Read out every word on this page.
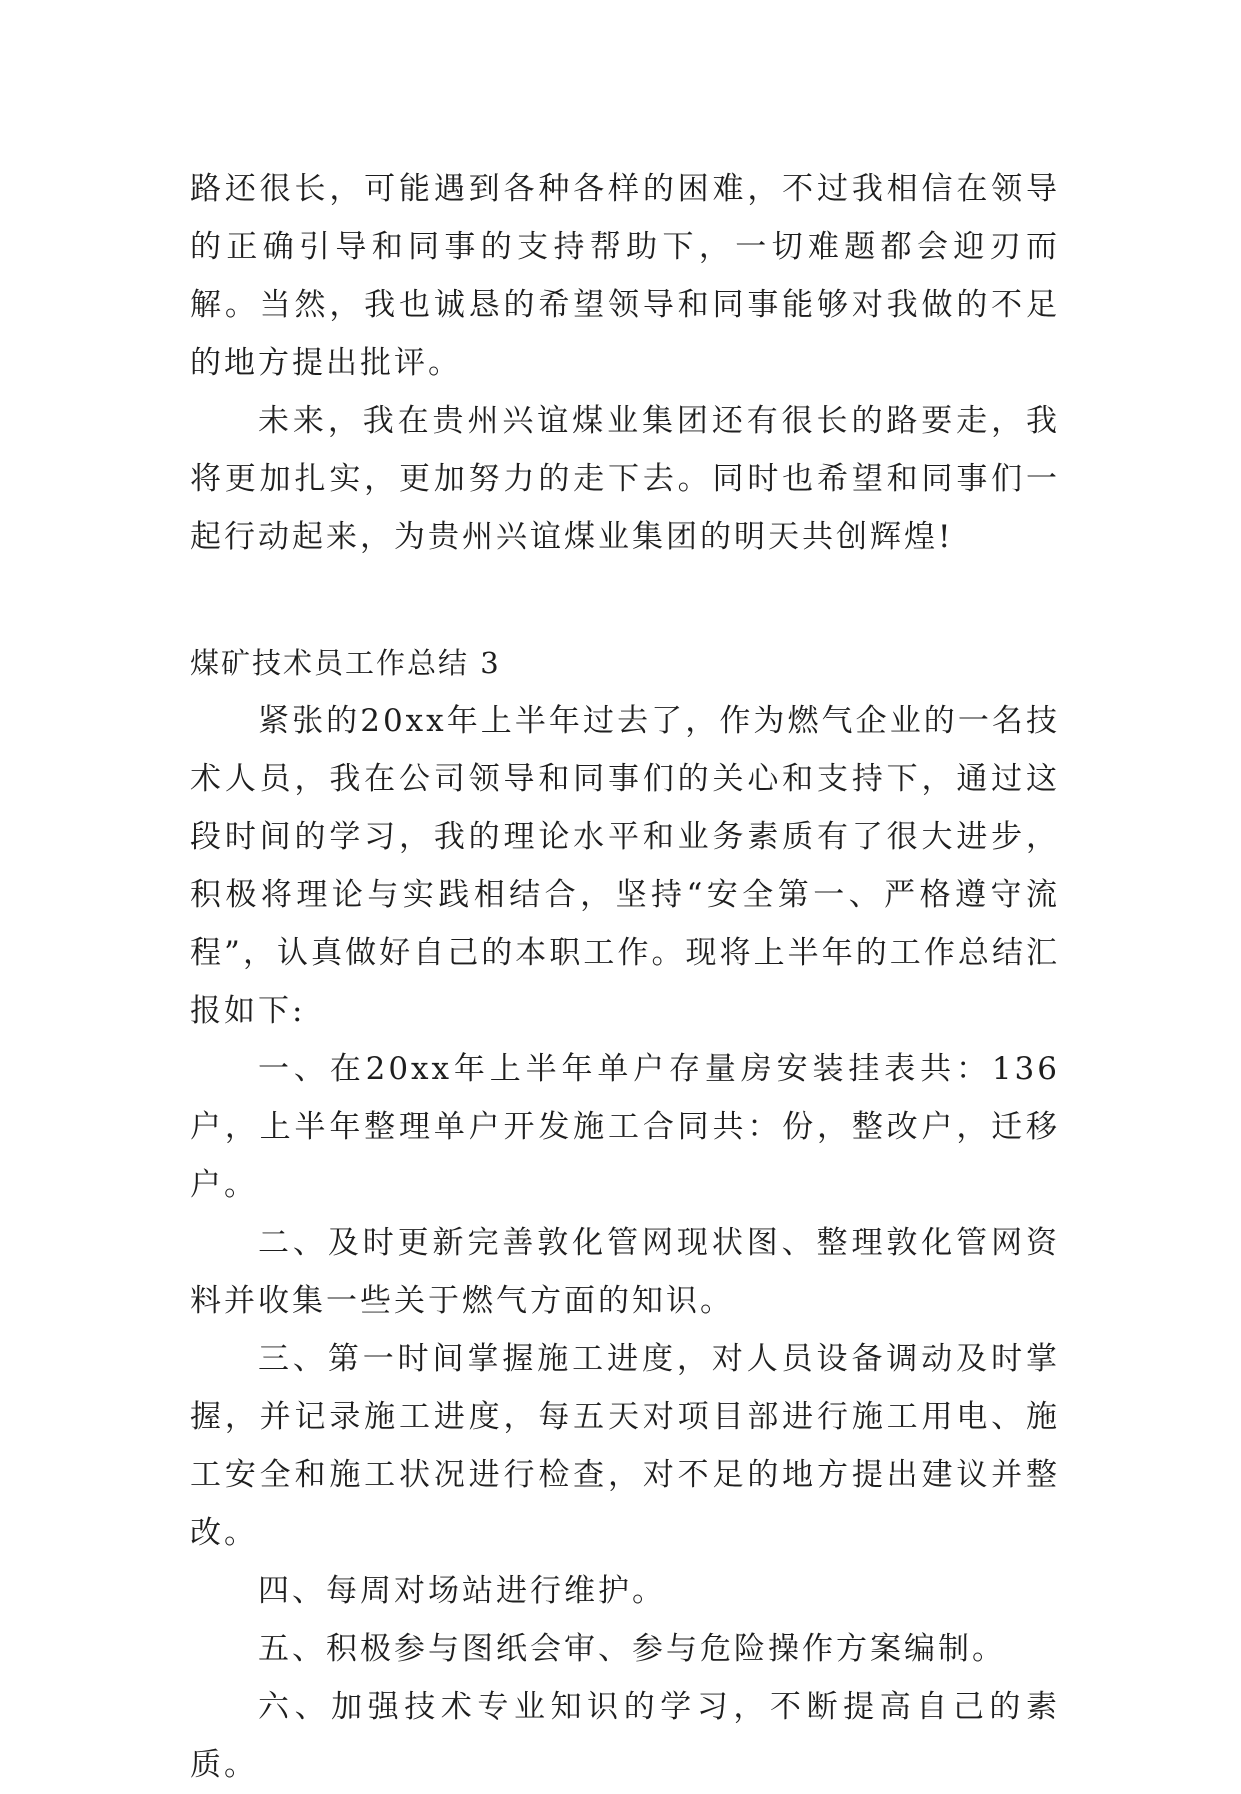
路还很长，可能遇到各种各样的困难，不过我相信在领导的正确引导和同事的支持帮助下，一切难题都会迎刃而解。当然，我也诚恳的希望领导和同事能够对我做的不足的地方提出批评。

未来，我在贵州兴谊煤业集团还有很长的路要走，我将更加扎实，更加努力的走下去。同时也希望和同事们一起行动起来，为贵州兴谊煤业集团的明天共创辉煌!

煤矿技术员工作总结 3

紧张的20xx年上半年过去了，作为燃气企业的一名技术人员，我在公司领导和同事们的关心和支持下，通过这段时间的学习，我的理论水平和业务素质有了很大进步，积极将理论与实践相结合，坚持“安全第一、严格遵守流程”，认真做好自己的本职工作。现将上半年的工作总结汇报如下:

一、在20xx年上半年单户存量房安装挂表共：136户，上半年整理单户开发施工合同共：份，整改户，迁移户。

二、及时更新完善敦化管网现状图、整理敦化管网资料并收集一些关于燃气方面的知识。

三、第一时间掌握施工进度，对人员设备调动及时掌握，并记录施工进度，每五天对项目部进行施工用电、施工安全和施工状况进行检查，对不足的地方提出建议并整改。

四、每周对场站进行维护。

五、积极参与图纸会审、参与危险操作方案编制。

六、加强技术专业知识的学习，不断提高自己的素质。
